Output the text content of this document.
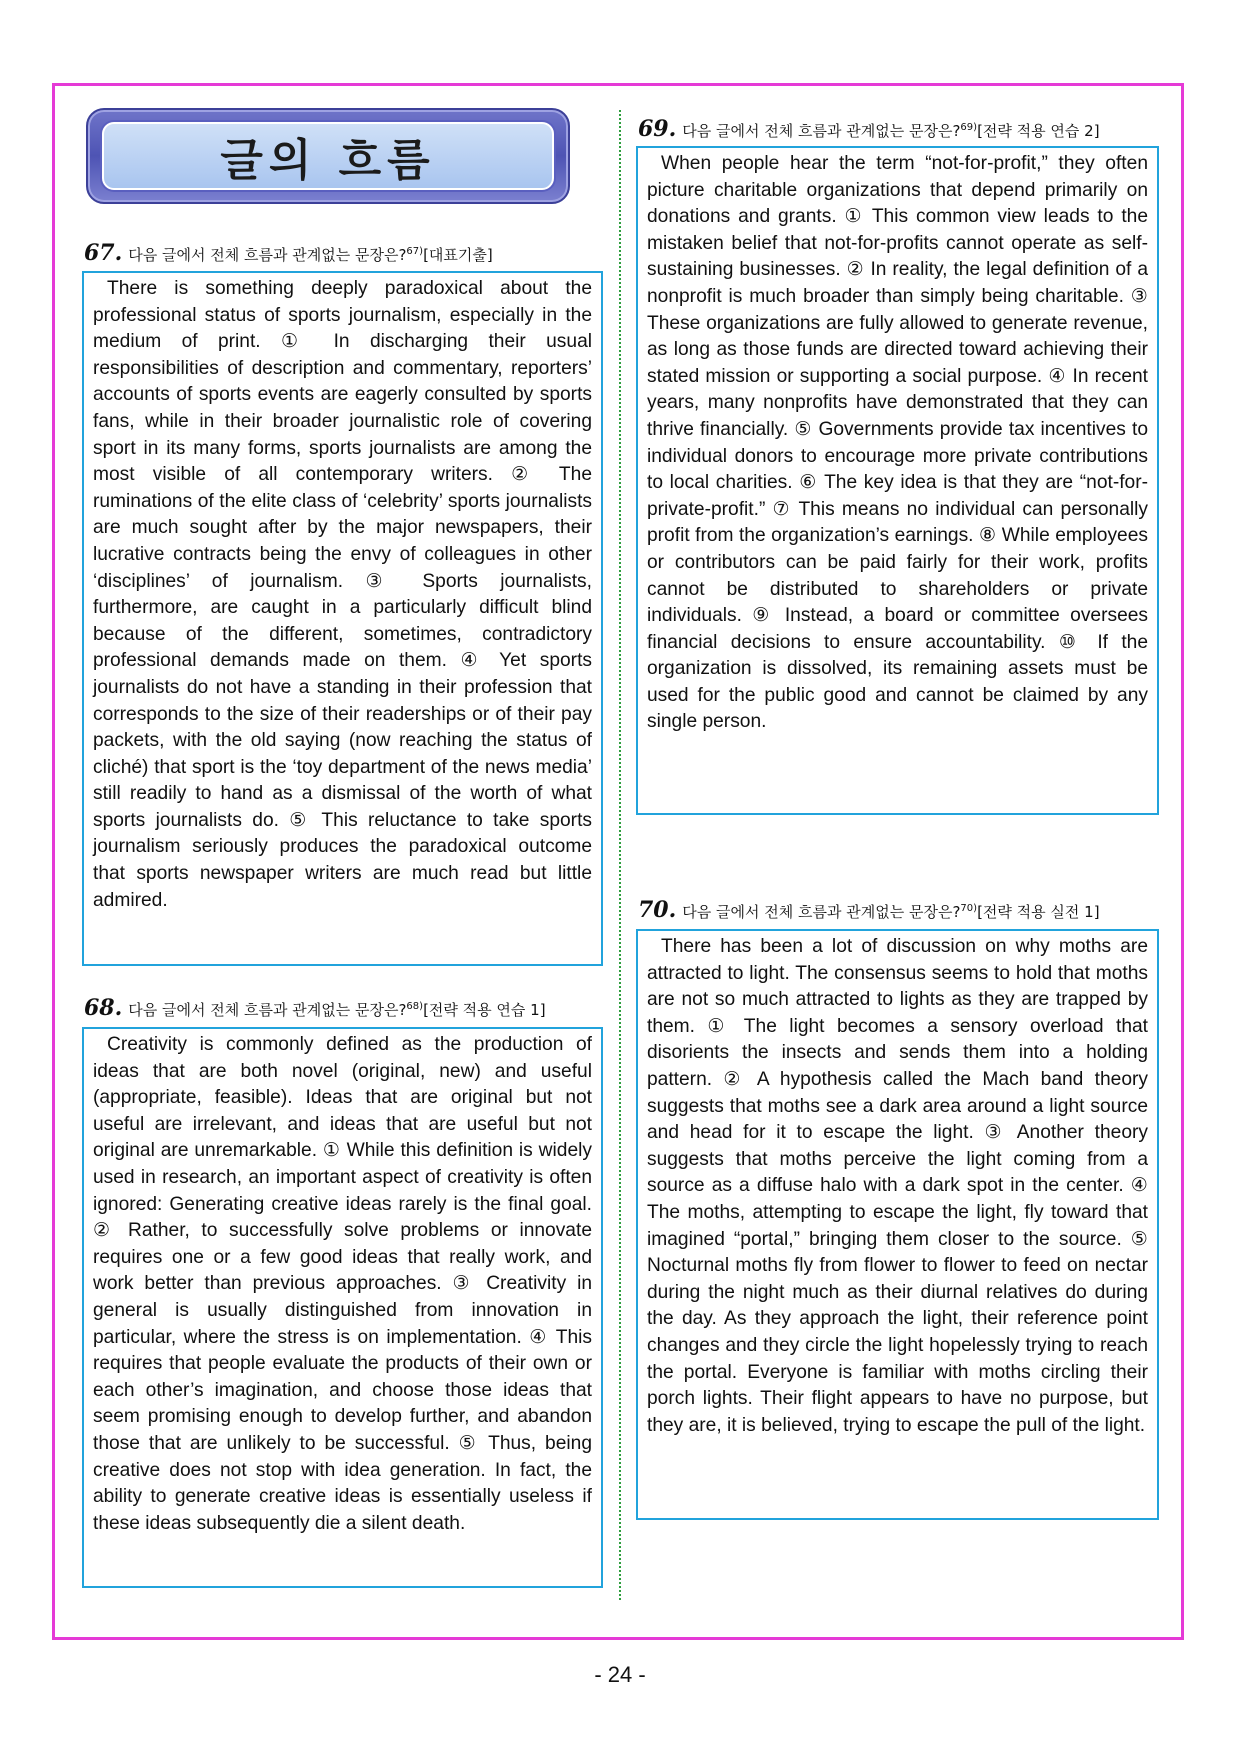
글의 흐름
67. 다음 글에서 전체 흐름과 관계없는 문장은?$^{67)}$[대표기출]

There is something deeply paradoxical about the professional status of sports journalism, especially in the medium of print. ① In discharging their usual responsibilities of description and commentary, reporters’ accounts of sports events are eagerly consulted by sports fans, while in their broader journalistic role of covering sport in its many forms, sports journalists are among the most visible of all contemporary writers. ② The ruminations of the elite class of ‘celebrity’ sports journalists are much sought after by the major newspapers, their lucrative contracts being the envy of colleagues in other ‘disciplines’ of journalism. ③ Sports journalists, furthermore, are caught in a particularly difficult blind because of the different, sometimes, contradictory professional demands made on them. ④ Yet sports journalists do not have a standing in their profession that corresponds to the size of their readerships or of their pay packets, with the old saying (now reaching the status of cliché) that sport is the ‘toy department of the news media’ still readily to hand as a dismissal of the worth of what sports journalists do. ⑤ This reluctance to take sports journalism seriously produces the paradoxical outcome that sports newspaper writers are much read but little admired.

68. 다음 글에서 전체 흐름과 관계없는 문장은?$^{68)}$[전략 적용 연습 1]

Creativity is commonly defined as the production of ideas that are both novel (original, new) and useful (appropriate, feasible). Ideas that are original but not useful are irrelevant, and ideas that are useful but not original are unremarkable. ① While this definition is widely used in research, an important aspect of creativity is often ignored: Generating creative ideas rarely is the final goal. ② Rather, to successfully solve problems or innovate requires one or a few good ideas that really work, and work better than previous approaches. ③ Creativity in general is usually distinguished from innovation in particular, where the stress is on implementation. ④ This requires that people evaluate the products of their own or each other’s imagination, and choose those ideas that seem promising enough to develop further, and abandon those that are unlikely to be successful. ⑤ Thus, being creative does not stop with idea generation. In fact, the ability to generate creative ideas is essentially useless if these ideas subsequently die a silent death.

69. 다음 글에서 전체 흐름과 관계없는 문장은?$^{69)}$[전략 적용 연습 2]

When people hear the term “not-for-profit,” they often picture charitable organizations that depend primarily on donations and grants. ① This common view leads to the mistaken belief that not-for-profits cannot operate as self-sustaining businesses. ② In reality, the legal definition of a nonprofit is much broader than simply being charitable. ③ These organizations are fully allowed to generate revenue, as long as those funds are directed toward achieving their stated mission or supporting a social purpose. ④ In recent years, many nonprofits have demonstrated that they can thrive financially. ⑤ Governments provide tax incentives to individual donors to encourage more private contributions to local charities. ⑥ The key idea is that they are “not-for-private-profit.” ⑦ This means no individual can personally profit from the organization’s earnings. ⑧ While employees or contributors can be paid fairly for their work, profits cannot be distributed to shareholders or private individuals. ⑨ Instead, a board or committee oversees financial decisions to ensure accountability. ⑩ If the organization is dissolved, its remaining assets must be used for the public good and cannot be claimed by any single person.

70. 다음 글에서 전체 흐름과 관계없는 문장은?$^{70)}$[전략 적용 실전 1]

There has been a lot of discussion on why moths are attracted to light. The consensus seems to hold that moths are not so much attracted to lights as they are trapped by them. ① The light becomes a sensory overload that disorients the insects and sends them into a holding pattern. ② A hypothesis called the Mach band theory suggests that moths see a dark area around a light source and head for it to escape the light. ③ Another theory suggests that moths perceive the light coming from a source as a diffuse halo with a dark spot in the center. ④ The moths, attempting to escape the light, fly toward that imagined “portal,” bringing them closer to the source. ⑤ Nocturnal moths fly from flower to flower to feed on nectar during the night much as their diurnal relatives do during the day. As they approach the light, their reference point changes and they circle the light hopelessly trying to reach the portal. Everyone is familiar with moths circling their porch lights. Their flight appears to have no purpose, but they are, it is believed, trying to escape the pull of the light.

- 24 -
